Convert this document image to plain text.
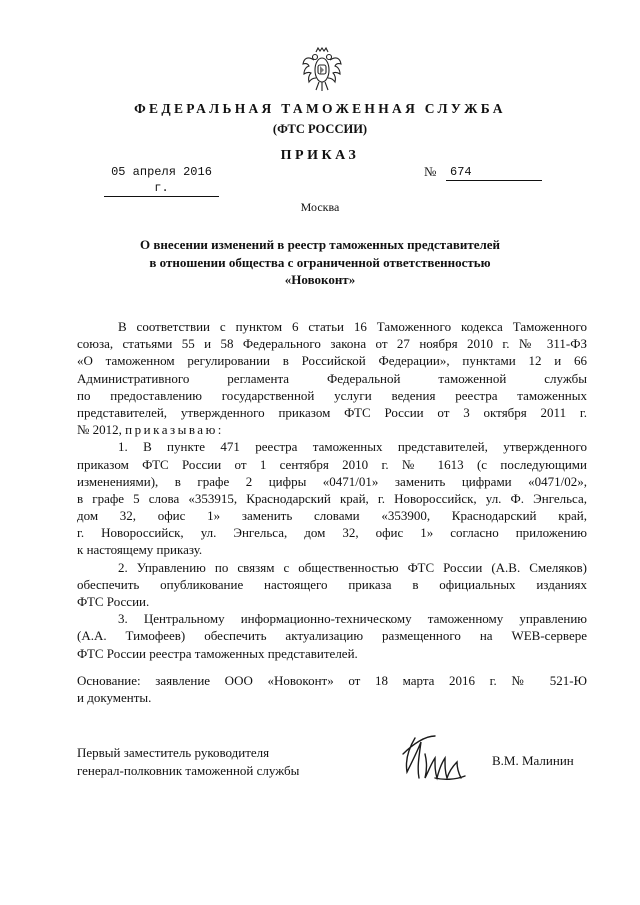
ФЕДЕРАЛЬНАЯ ТАМОЖЕННАЯ СЛУЖБА
(ФТС РОССИИ)
ПРИКАЗ
05 апреля 2016 г.
№ 674
Москва
О внесении изменений в реестр таможенных представителей
в отношении общества с ограниченной ответственностью
«Новоконт»
В соответствии с пунктом 6 статьи 16 Таможенного кодекса Таможенного
союза, статьями 55 и 58 Федерального закона от 27 ноября 2010 г. № 311-ФЗ
«О таможенном регулировании в Российской Федерации», пунктами 12 и 66
Административного регламента Федеральной таможенной службы
по предоставлению государственной услуги ведения реестра таможенных
представителей, утвержденного приказом ФТС России от 3 октября 2011 г.
№ 2012, приказываю:
1. В пункте 471 реестра таможенных представителей, утвержденного
приказом ФТС России от 1 сентября 2010 г. № 1613 (с последующими
изменениями), в графе 2 цифры «0471/01» заменить цифрами «0471/02»,
в графе 5 слова «353915, Краснодарский край, г. Новороссийск, ул. Ф. Энгельса,
дом 32, офис 1» заменить словами «353900, Краснодарский край,
г. Новороссийск, ул. Энгельса, дом 32, офис 1» согласно приложению
к настоящему приказу.
2. Управлению по связям с общественностью ФТС России (А.В. Смеляков)
обеспечить опубликование настоящего приказа в официальных изданиях
ФТС России.
3. Центральному информационно-техническому таможенному управлению
(А.А. Тимофеев) обеспечить актуализацию размещенного на WEB-сервере
ФТС России реестра таможенных представителей.
Основание: заявление ООО «Новоконт» от 18 марта 2016 г. № 521-Ю
и документы.
Первый заместитель руководителя
генерал-полковник таможенной службы
В.М. Малинин
